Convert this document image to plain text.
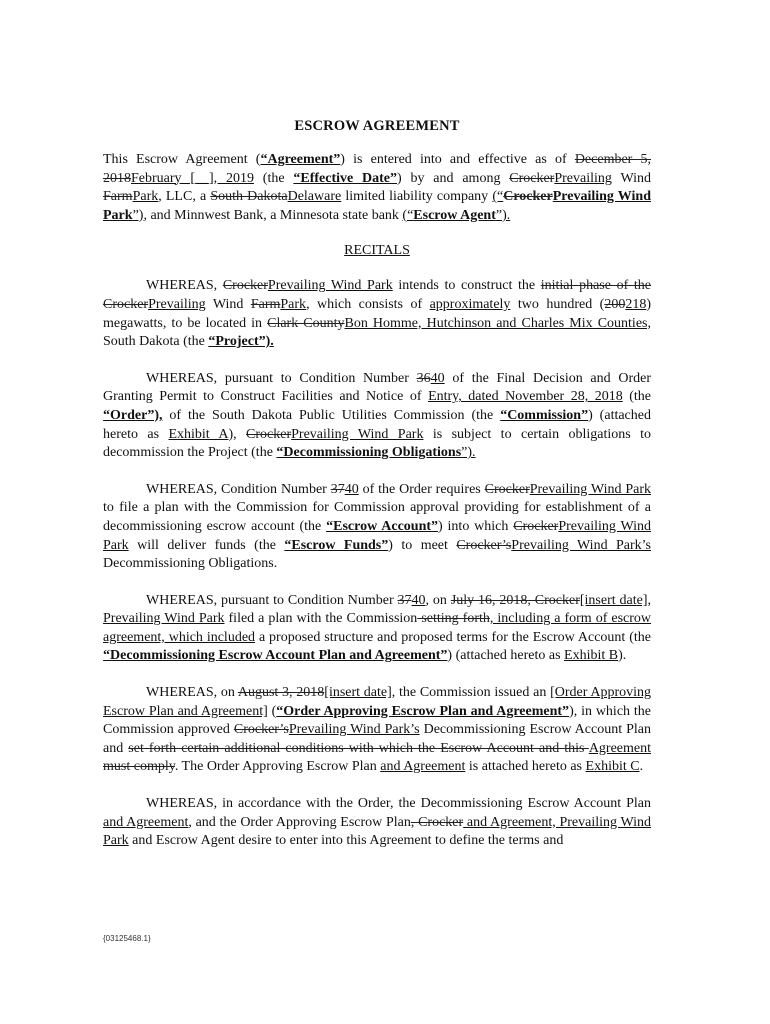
ESCROW AGREEMENT
This Escrow Agreement (“Agreement”) is entered into and effective as of December 5, 2018February [__], 2019 (the “Effective Date”) by and among CrockerPrevailing Wind FarmPark, LLC, a South DakotaDelaware limited liability company (“CrockerPrevailing Wind Park”), and Minnwest Bank, a Minnesota state bank (“Escrow Agent”).
RECITALS
WHEREAS, CrockerPrevailing Wind Park intends to construct the initial phase of the CrockerPrevailing Wind FarmPark, which consists of approximately two hundred (200218) megawatts, to be located in Clark CountyBon Homme, Hutchinson and Charles Mix Counties, South Dakota (the “Project”).
WHEREAS, pursuant to Condition Number 3640 of the Final Decision and Order Granting Permit to Construct Facilities and Notice of Entry, dated November 28, 2018 (the “Order”), of the South Dakota Public Utilities Commission (the “Commission”) (attached hereto as Exhibit A), CrockerPrevailing Wind Park is subject to certain obligations to decommission the Project (the “Decommissioning Obligations”).
WHEREAS, Condition Number 3740 of the Order requires CrockerPrevailing Wind Park to file a plan with the Commission for Commission approval providing for establishment of a decommissioning escrow account (the “Escrow Account”) into which CrockerPrevailing Wind Park will deliver funds (the “Escrow Funds”) to meet Crocker’sPrevailing Wind Park’s Decommissioning Obligations.
WHEREAS, pursuant to Condition Number 3740, on July 16, 2018, Crocker[insert date], Prevailing Wind Park filed a plan with the Commission setting forth, including a form of escrow agreement, which included a proposed structure and proposed terms for the Escrow Account (the “Decommissioning Escrow Account Plan and Agreement”) (attached hereto as Exhibit B).
WHEREAS, on August 3, 2018[insert date], the Commission issued an [Order Approving Escrow Plan and Agreement] (“Order Approving Escrow Plan and Agreement”), in which the Commission approved Crocker’sPrevailing Wind Park’s Decommissioning Escrow Account Plan and set forth certain additional conditions with which the Escrow Account and this Agreement must comply. The Order Approving Escrow Plan and Agreement is attached hereto as Exhibit C.
WHEREAS, in accordance with the Order, the Decommissioning Escrow Account Plan and Agreement, and the Order Approving Escrow Plan, Crocker and Agreement, Prevailing Wind Park and Escrow Agent desire to enter into this Agreement to define the terms and
{03125468.1}
